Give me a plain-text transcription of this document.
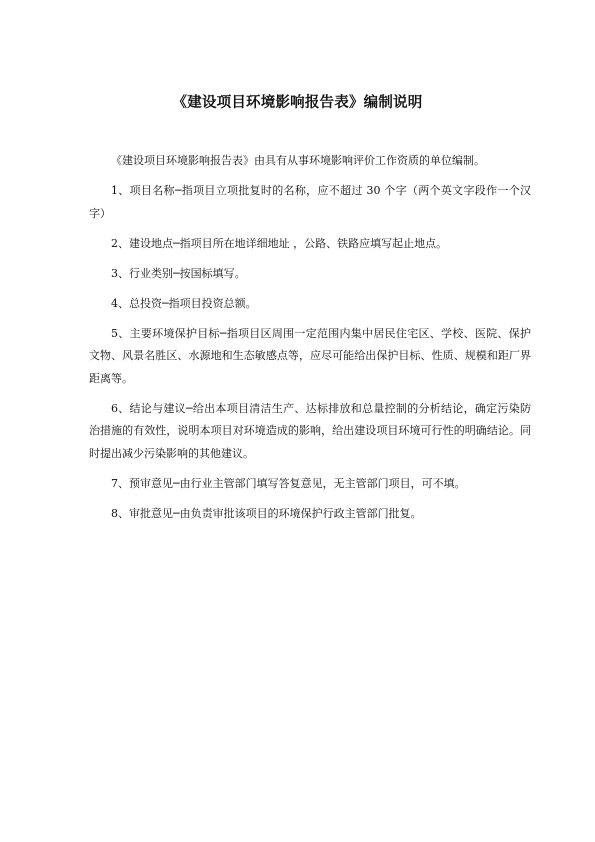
《建设项目环境影响报告表》编制说明

《建设项目环境影响报告表》由具有从事环境影响评价工作资质的单位编制。

1、项目名称─指项目立项批复时的名称，应不超过 30 个字（两个英文字段作一个汉字）

2、建设地点─指项目所在地详细地址 ，公路、铁路应填写起止地点。

3、行业类别─按国标填写。

4、总投资─指项目投资总额。

5、主要环境保护目标─指项目区周围一定范围内集中居民住宅区、学校、医院、保护文物、风景名胜区、水源地和生态敏感点等，应尽可能给出保护目标、性质、规模和距厂界距离等。

6、结论与建议─给出本项目清洁生产、达标排放和总量控制的分析结论，确定污染防治措施的有效性，说明本项目对环境造成的影响，给出建设项目环境可行性的明确结论。同时提出减少污染影响的其他建议。

7、预审意见─由行业主管部门填写答复意见，无主管部门项目，可不填。

8、审批意见─由负责审批该项目的环境保护行政主管部门批复。
